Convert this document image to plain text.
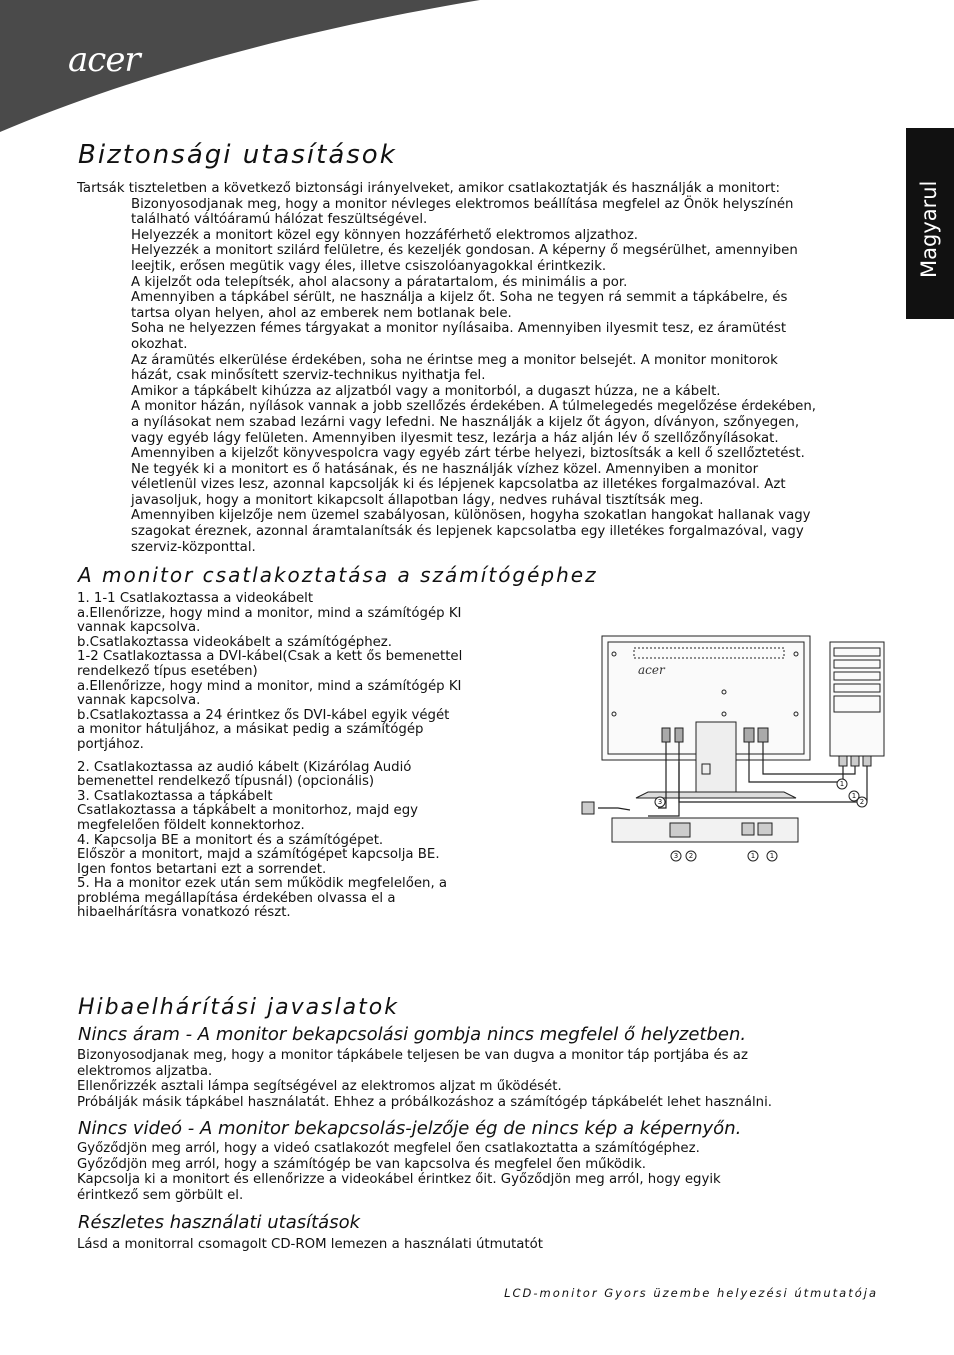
acer
Magyarul
Biztonsági utasítások
Tartsák tiszteletben a következő biztonsági irányelveket, amikor csatlakoztatják és használják a monitort:
Bizonyosodjanak meg, hogy a monitor névleges elektromos beállítása megfelel az Önök helyszínén
található váltóáramú hálózat feszültségével.
Helyezzék a monitort közel egy könnyen hozzáférhető elektromos aljzathoz.
Helyezzék a monitort szilárd felületre, és kezeljék gondosan. A képerny ő megsérülhet, amennyiben
leejtik, erősen megütik vagy éles, illetve csiszolóanyagokkal érintkezik.
A kijelzőt oda telepítsék, ahol alacsony a páratartalom, és minimális a por.
Amennyiben a tápkábel sérült, ne használja a kijelz őt. Soha ne tegyen rá semmit a tápkábelre, és
tartsa olyan helyen, ahol az emberek nem botlanak bele.
Soha ne helyezzen fémes tárgyakat a monitor nyílásaiba. Amennyiben ilyesmit tesz, ez áramütést
okozhat.
Az áramütés elkerülése érdekében, soha ne érintse meg a monitor belsejét. A monitor monitorok
házát, csak minősített szerviz-technikus nyithatja fel.
Amikor a tápkábelt kihúzza az aljzatból vagy a monitorból, a dugaszt húzza, ne a kábelt.
A monitor házán, nyílások vannak a jobb szellőzés érdekében. A túlmelegedés megelőzése érdekében,
a nyílásokat nem szabad lezárni vagy lefedni. Ne használják a kijelz őt ágyon, díványon, szőnyegen,
vagy egyéb lágy felületen. Amennyiben ilyesmit tesz, lezárja a ház alján lév ő szellőzőnyílásokat.
Amennyiben a kijelzőt könyvespolcra vagy egyéb zárt térbe helyezi, biztosítsák a kell ő szellőztetést.
Ne tegyék ki a monitort es ő hatásának, és ne használják vízhez közel. Amennyiben a monitor
véletlenül vizes lesz, azonnal kapcsolják ki és lépjenek kapcsolatba az illetékes forgalmazóval. Azt
javasoljuk, hogy a monitort kikapcsolt állapotban lágy, nedves ruhával tisztítsák meg.
Amennyiben kijelzője nem üzemel szabályosan, különösen, hogyha szokatlan hangokat hallanak vagy
szagokat éreznek, azonnal áramtalanítsák és lepjenek kapcsolatba egy illetékes forgalmazóval, vagy
szerviz-központtal.
A monitor csatlakoztatása a számítógéphez
1. 1-1 Csatlakoztassa a videokábelt
a.Ellenőrizze, hogy mind a monitor, mind a számítógép KI
vannak kapcsolva.
b.Csatlakoztassa videokábelt a számítógéphez.
1-2 Csatlakoztassa a DVI-kábel(Csak a kett ős bemenettel
rendelkező típus esetében)
a.Ellenőrizze, hogy mind a monitor, mind a számítógép KI
vannak kapcsolva.
b.Csatlakoztassa a 24 érintkez ős DVI-kábel egyik végét
a monitor hátuljához, a másikat pedig a számítógép
portjához.
2. Csatlakoztassa az audió kábelt (Kizárólag Audió
bemenettel rendelkező típusnál) (opcionális)
3. Csatlakoztassa a tápkábelt
Csatlakoztassa a tápkábelt a monitorhoz, majd egy
megfelelően földelt konnektorhoz.
4. Kapcsolja BE a monitort és a számítógépet.
Először a monitort, majd a számítógépet kapcsolja BE.
Igen fontos betartani ezt a sorrendet.
5. Ha a monitor ezek után sem működik megfelelően, a
probléma megállapítása érdekében olvassa el a
hibaelhárításra vonatkozó részt.
acer
3
1
1
2
3 2	1 1
Hibaelhárítási javaslatok
Nincs áram - A monitor bekapcsolási gombja nincs megfelel ő helyzetben.
Bizonyosodjanak meg, hogy a monitor tápkábele teljesen be van dugva a monitor táp portjába és az
elektromos aljzatba.
Ellenőrizzék asztali lámpa segítségével az elektromos aljzat m űködését.
Próbálják másik tápkábel használatát. Ehhez a próbálkozáshoz a számítógép tápkábelét lehet használni.
Nincs videó - A monitor bekapcsolás-jelzője ég de nincs kép a képernyőn.
Győződjön meg arról, hogy a videó csatlakozót megfelel ően csatlakoztatta a számítógéphez.
Győződjön meg arról, hogy a számítógép be van kapcsolva és megfelel ően működik.
Kapcsolja ki a monitort és ellenőrizze a videokábel érintkez őit. Győződjön meg arról, hogy egyik
érintkező sem görbült el.
Részletes használati utasítások
Lásd a monitorral csomagolt CD-ROM lemezen a használati útmutatót
LCD-monitor Gyors üzembe helyezési útmutatója
